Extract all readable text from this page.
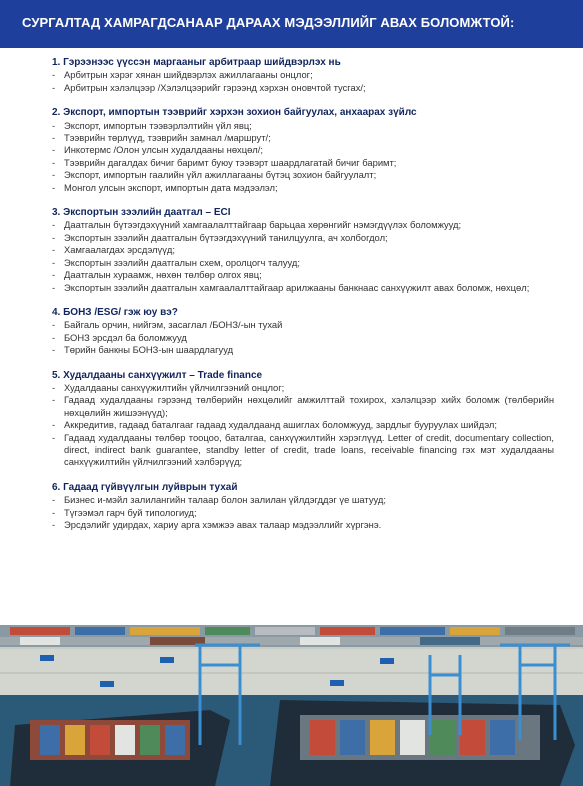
СУРГАЛТАД ХАМРАГДСАНААР ДАРААХ МЭДЭЭЛЛИЙГ АВАХ БОЛОМЖТОЙ:
1. Гэрээнээс үүссэн маргааныг арбитраар шийдвэрлэх нь
- Арбитрын хэрэг хянан шийдвэрлэх ажиллагааны онцлог;
- Арбитрын хэлэлцээр /Хэлэлцээрийг гэрээнд хэрхэн оновчтой тусгах/;
2. Экспорт, импортын тээврийг хэрхэн зохион байгуулах, анхаарах зүйлс
- Экспорт, импортын тээвэрлэлтийн үйл явц;
- Тээврийн төрлүүд, тээврийн замнал /маршрут/;
- Инкотермс /Олон улсын худалдааны нөхцөл/;
- Тээврийн дагалдах бичиг баримт буюу тээвэрт шаардлагатай бичиг баримт;
- Экспорт, импортын гаалийн үйл ажиллагааны бүтэц зохион байгуулалт;
- Монгол улсын экспорт, импортын дата мэдээлэл;
3. Экспортын зээлийн даатгал – ECI
- Даатгалын бүтээгдэхүүний хамгаалалттайгаар барьцаа хөрөнгийг нэмэгдүүлэх боломжууд;
- Экспортын зээлийн даатгалын бүтээгдэхүүний танилцуулга, ач холбогдол;
- Хамгаалагдах эрсдэлүүд;
- Экспортын зээлийн даатгалын схем, оролцогч талууд;
- Даатгалын хураамж, нөхөн төлбөр олгох явц;
- Экспортын зээлийн даатгалын хамгаалалттайгаар арилжааны банкнаас санхүүжилт авах боломж, нөхцөл;
4. БОНЗ /ESG/ гэж юу вэ?
- Байгаль орчин, нийгэм, засаглал /БОНЗ/-ын тухай
- БОНЗ эрсдэл ба боломжууд
- Төрийн банкны БОНЗ-ын шаардлагууд
5. Худалдааны санхүүжилт – Trade finance
- Худалдааны санхүүжилтийн үйлчилгээний онцлог;
- Гадаад худалдааны гэрээнд төлбөрийн нөхцөлийг амжилттай тохирох, хэлэлцээр хийх боломж (төлбөрийн нөхцөлийн жишээнүүд);
- Аккредитив, гадаад баталгааг гадаад худалдаанд ашиглах боломжууд, зардлыг бууруулах шийдэл;
- Гадаад худалдааны төлбөр тооцоо, баталгаа, санхүүжилтийн хэрэглүүд. Letter of credit, documentary collection, direct, indirect bank guarantee, standby letter of credit, trade loans, receivable financing гэх мэт худалдааны санхүүжилтийн үйлчилгээний хэлбэрүүд;
6. Гадаад гүйвүүлгын луйврын тухай
- Бизнес и-мэйл залилангийн талаар болон залилан үйлдэгддэг үе шатууд;
- Түгээмэл гарч буй типологиуд;
- Эрсдэлийг удирдах, хариу арга хэмжээ авах талаар мэдээллийг хүргэнэ.
